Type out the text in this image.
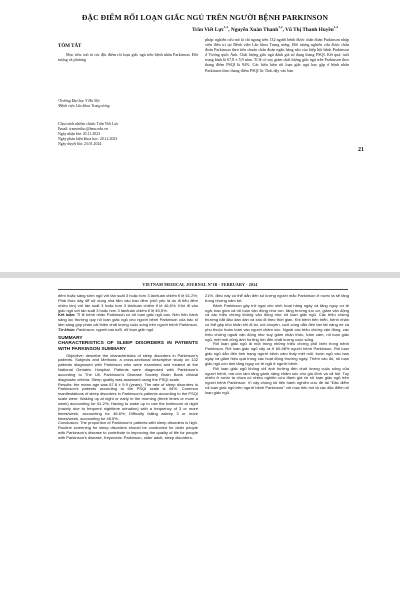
ĐẶC ĐIỂM RỐI LOẠN GIẤC NGỦ TRÊN NGƯỜI BỆNH PARKINSON
Trần Viết Lực$^{1,2}$, Nguyễn Xuân Thanh$^{1,2}$, Vũ Thị Thanh Huyền$^{1,2}$
TÓM TẮT
Mục tiêu: mô tả các đặc điểm rối loạn giấc ngủ trên bệnh nhân Parkinson. Đối tượng và phương
¹Trường Đại học Y Hà Nội
²Bệnh viện Lão khoa Trung ương
Chịu trách nhiệm chính: Trần Viết Lực
Email: tranvietluc@hmu.edu.vn
Ngày nhận bài: 20.11.2023
Ngày phản biện khoa học: 20.12.2023
Ngày duyệt bài: 23.01.2024
pháp: nghiên cứu mô tả cắt ngang trên 132 người bệnh được chẩn đoán Parkinson nhập viện điều trị tại Bệnh viện Lão khoa Trung ương. Đối tượng nghiên cứu được chẩn đoán Parkinson theo tiêu chuẩn chẩn đoán ngân hàng não của hiệp hội bệnh Parkinson ở Vương quốc Anh. Chất lượng giấc ngủ đánh giá sử dụng thang PSQI. Kết quả: tuổi trung bình là 67,8 ± 5,9 năm. Tỉ lệ có suy giảm chất lượng giấc ngủ trên Parkinson theo thang điểm PSQI là 94%. Các biểu hiện rối loạn giấc ngủ hay gặp ở bệnh nhân Parkinson theo thang điểm PSQI là: Tình dậy vào ban
21
VIETNAM MEDICAL JOURNAL Nº1B - FEBRUARY - 2024
đêm hoặc sáng sớm ngủ với tần suất 3 hoặc hơn 3 lần/tuần chiếm tỉ lệ 61,2%; Phải thức dậy để sử dụng nhà tắm vào ban đêm (chủ yếu là do đi tiểu đêm nhiều lần) với tần suất 3 hoặc hơn 3 lần/tuần chiếm tỉ lệ 46,6%; Khó đi vào giấc ngủ với tần suất 3 hoặc hơn 3 lần/tuần chiếm tỉ lệ 45,5%.
Kết luận: Tỉ lệ bệnh nhân Parkinson có rối loạn giấc ngủ cao. Nên tiến hành sàng lọc thường quy rối loạn giấc ngủ cho người bệnh Parkinson của bác sĩ lâm sàng góp phần cải thiện chất lượng cuộc sống trên người bệnh Parkinson. Từ khóa: Parkinson, người cao tuổi, rối loạn giấc ngủ.
SUMMARY
CHARACTERISTICS OF SLEEP DISORDERS IN PATIENTS WITH PARKINSON SUMMARY
Objective: describe the characteristics of sleep disorders in Parkinson's patients. Subjects and Methods: a cross-sectional descriptive study on 132 patients diagnosed with Parkinson who were examined and treated at the National Geriatric Hospital. Patients were diagnosed with Parkinson's according to The UK Parkinson's Disease Society Brain Bank clinical diagnostic criteria. Sleep quality was assessed using the PSQI scale.
Results: the mean age was 67.8 ± 5.9 (years). The rate of sleep disorders in Parkinson's patients according to the PSQI scale is 94%. Common manifestations of sleep disorders in Parkinson's patients according to the PSQI scale were: Waking up at night or early in the morning (three times or more a week) accounting for 61.2%; Having to wake up to use the bathroom at night (mainly due to frequent nighttime urination) with a frequency of 3 or more times/week, accounting for 46.6%; Difficulty falling asleep 3 or more times/week, accounting for 45.5%.
Conclusion: The proportion of Parkinson's patients with sleep disorders is high. Routine screening for sleep disorders should be conducted for older people with Parkinson's disease to contribute to improving the quality of life for people with Parkinson's disease. Keywords: Parkinson, older adult, sleep disorders.
21%, điều này có thể dẫn đến số lượng người mắc Parkinson ở nước ta sẽ tăng trong nhưng năm tới.
Bệnh Parkinson gây trở ngại cho sinh hoạt hàng ngày và tăng nguy cơ té ngã, bao gồm cả rối loạn vận động như run, tăng trương lực cơ, giảm vận động và các triệu chứng không vận động như rối loạn giấc ngủ. Các triệu chứng thường bắt đầu dần dần và xấu đi theo thời gian. Khi bệnh tiến triển, bệnh nhân có thể gặp khó khăn khi đi lại, nói chuyện, cuối cùng dẫn đến tàn tật nặng nề và phụ thuộc hoàn toàn vào người chăm sóc. Ngoài các triệu chứng vận động, các triệu chứng ngoài vận động như suy giảm nhận thức, trầm cảm, rối loạn giấc ngủ, mệt mỏi cũng ảnh hưởng lớn đến chất lượng cuộc sống.
Rối loạn giấc ngủ là một trong những triệu chứng phổ biến trong bệnh Parkinson. Rối loạn giấc ngủ xảy ra ở 60-98% người bệnh Parkinson. Rối loạn giấc ngủ dẫn đến tình trạng người bệnh cảm thấy mệt mỏi, buồn ngủ vào ban ngày và giảm hiệu quả trong các hoạt động thường ngày. Thêm vào đó, rối loạn giấc ngủ còn làm tăng nguy cơ té ngã ở người bệnh.
Rối loạn giấc ngủ không chỉ ảnh hưởng đến chất lượng cuộc sống của người bệnh, mà còn làm tăng gánh nặng chăm sóc cho gia đình và xã hội. Tuy nhiên ở nước ta chưa có nhiều nghiên cứu đánh giá về rối loạn giấc ngủ trên người bệnh Parkinson. Vì vậy chúng tôi tiến hành nghiên cứu đề tài "Đặc điểm rối loạn giấc ngủ trên người bệnh Parkinson" với mục tiêu mô tả các đặc điểm rối loạn giấc ngủ.
